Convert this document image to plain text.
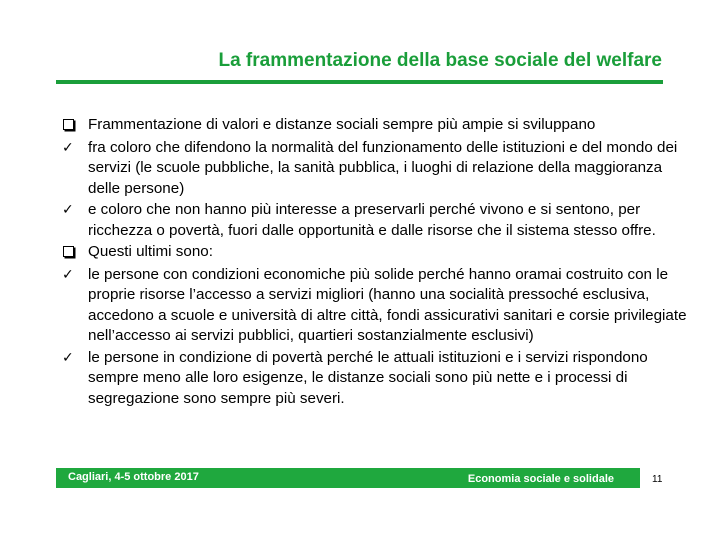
La frammentazione della base sociale del welfare
Frammentazione di valori e distanze sociali sempre più ampie si sviluppano
✓ fra coloro che difendono la normalità del funzionamento delle istituzioni e del mondo dei servizi (le scuole pubbliche, la sanità pubblica, i luoghi di relazione della maggioranza delle persone)
✓ e coloro che non hanno più interesse a preservarli perché vivono e si sentono, per ricchezza o povertà, fuori dalle opportunità e dalle risorse che il sistema stesso offre.
Questi ultimi sono:
✓ le persone con condizioni economiche più solide perché hanno oramai costruito con le proprie risorse l’accesso a servizi migliori (hanno una socialità pressoché esclusiva, accedono a scuole e università di altre città, fondi assicurativi sanitari e corsie privilegiate nell’accesso ai servizi pubblici, quartieri sostanzialmente esclusivi)
✓ le persone in condizione di povertà perché le attuali istituzioni e i servizi rispondono sempre meno alle loro esigenze, le distanze sociali sono più nette e i processi di segregazione sono sempre più severi.
Cagliari, 4-5 ottobre 2017	Economia sociale e solidale	11
